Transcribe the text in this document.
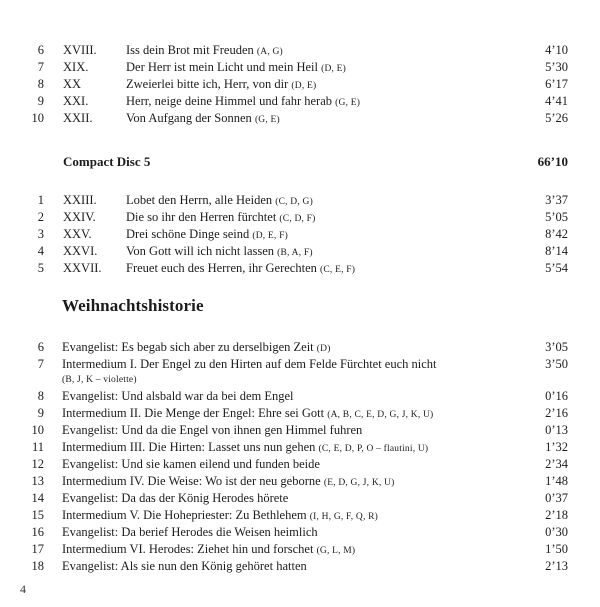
6 XVIII. Iss dein Brot mit Freuden (A, G)	4’10
7 XIX.	Der Herr ist mein Licht und mein Heil (D, E)	5’30
8 XX	Zweierlei bitte ich, Herr, von dir (D, E)	6’17
9 XXI.	Herr, neige deine Himmel und fahr herab (G, E)	4’41
10 XXII.	Von Aufgang der Sonnen (G, E)	5’26
Compact Disc 5	66’10
1 XXIII. Lobet den Herrn, alle Heiden (C, D, G)	3’37
2 XXIV. Die so ihr den Herren fürchtet (C, D, F)	5’05
3 XXV.	Drei schöne Dinge seind (D, E, F)	8’42
4 XXVI. Von Gott will ich nicht lassen (B, A, F)	8’14
5 XXVII. Freuet euch des Herren, ihr Gerechten (C, E, F)	5’54
Weihnachtshistorie
6 Evangelist: Es begab sich aber zu derselbigen Zeit (D)	3’05
7 Intermedium I. Der Engel zu den Hirten auf dem Felde Fürchtet euch nicht	3’50
(B, J, K – violette)
8 Evangelist: Und alsbald war da bei dem Engel	0’16
9 Intermedium II. Die Menge der Engel: Ehre sei Gott (A, B, C, E, D, G, J, K, U)	2’16
10 Evangelist: Und da die Engel von ihnen gen Himmel fuhren	0’13
11 Intermedium III. Die Hirten: Lasset uns nun gehen (C, E, D, P, O – flautini, U)	1’32
12 Evangelist: Und sie kamen eilend und funden beide	2’34
13 Intermedium IV. Die Weise: Wo ist der neu geborne (E, D, G, J, K, U)	1’48
14 Evangelist: Da das der König Herodes hörete	0’37
15 Intermedium V. Die Hohepriester: Zu Bethlehem (I, H, G, F, Q, R)	2’18
16 Evangelist: Da berief Herodes die Weisen heimlich	0’30
17 Intermedium VI. Herodes: Ziehet hin und forschet (G, L, M)	1’50
18 Evangelist: Als sie nun den König gehöret hatten	2’13
4
